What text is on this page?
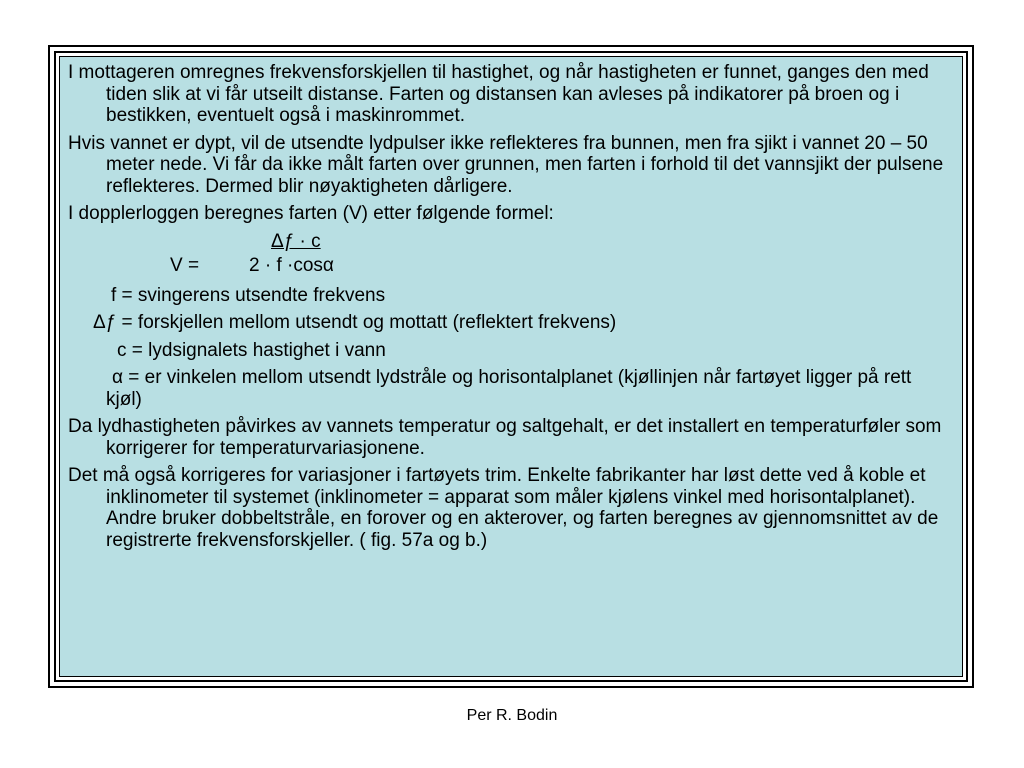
I mottageren omregnes frekvensforskjellen til hastighet, og når hastigheten er funnet, ganges den med tiden slik at vi får utseilt distanse. Farten og distansen kan avleses på indikatorer på broen og i bestikken, eventuelt også i maskinrommet.

Hvis vannet er dypt, vil de utsendte lydpulser ikke reflekteres fra bunnen, men fra sjikt i vannet 20 – 50 meter nede. Vi får da ikke målt farten over grunnen, men farten i forhold til det vannsjikt der pulsene reflekteres. Dermed blir nøyaktigheten dårligere.

I dopplerloggen beregnes farten (V) etter følgende formel:

Δƒ · c
V =	2 · f ·cosα

f = svingerens utsendte frekvens

Δƒ = forskjellen mellom utsendt og mottatt (reflektert frekvens)

c = lydsignalets hastighet i vann

α = er vinkelen mellom utsendt lydstråle og horisontalplanet (kjøllinjen når fartøyet ligger på rett kjøl)

Da lydhastigheten påvirkes av vannets temperatur og saltgehalt, er det installert en temperaturføler som korrigerer for temperaturvariasjonene.

Det må også korrigeres for variasjoner i fartøyets trim. Enkelte fabrikanter har løst dette ved å koble et inklinometer til systemet (inklinometer = apparat som måler kjølens vinkel med horisontalplanet). Andre bruker dobbeltstråle, en forover og en akterover, og farten beregnes av gjennomsnittet av de registrerte frekvensforskjeller. ( fig. 57a og b.)

Per R. Bodin
